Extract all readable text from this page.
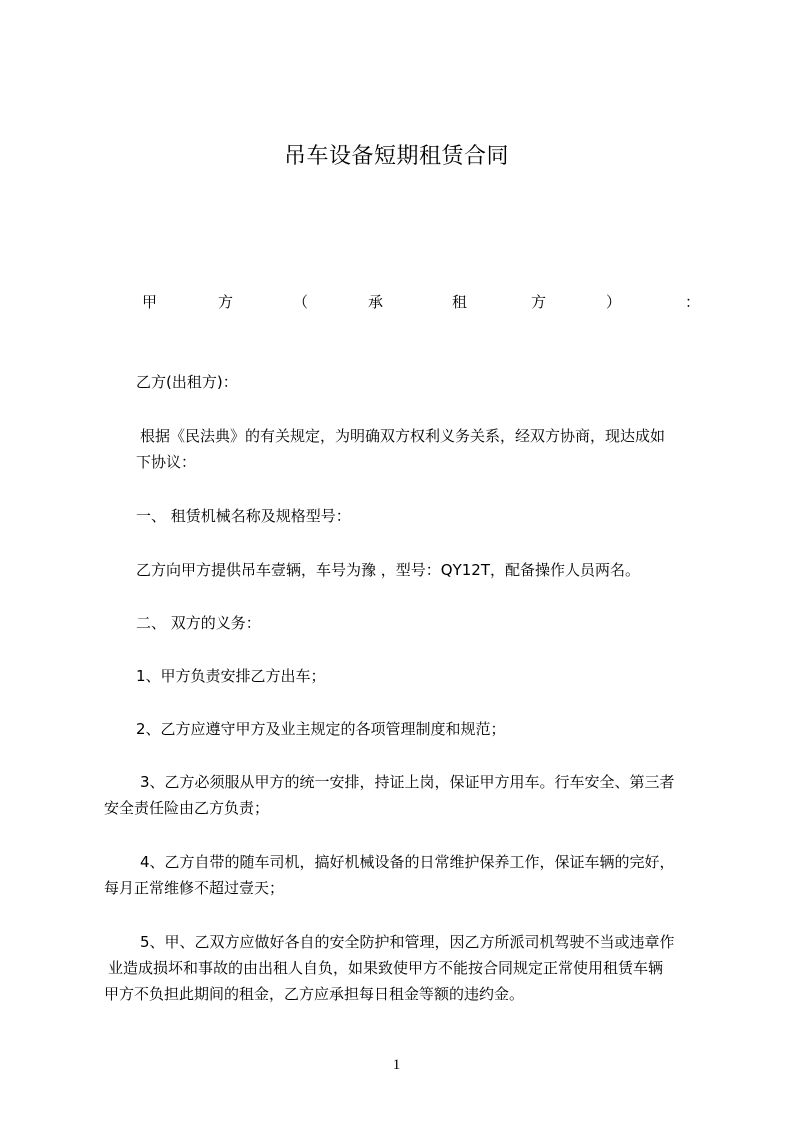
吊车设备短期租赁合同
甲	方	（	承	租	方	）	：
乙方(出租方)：
根据《民法典》的有关规定，为明确双方权利义务关系，经双方协商，现达成如
下协议：
一、 租赁机械名称及规格型号：
乙方向甲方提供吊车壹辆，车号为豫 ，型号：QY12T，配备操作人员两名。
二、 双方的义务：
1、甲方负责安排乙方出车；
2、乙方应遵守甲方及业主规定的各项管理制度和规范；
3、乙方必须服从甲方的统一安排，持证上岗，保证甲方用车。行车安全、第三者
安全责任险由乙方负责；
4、乙方自带的随车司机，搞好机械设备的日常维护保养工作，保证车辆的完好，
每月正常维修不超过壹天；
5、甲、乙双方应做好各自的安全防护和管理，因乙方所派司机驾驶不当或违章作
业造成损坏和事故的由出租人自负，如果致使甲方不能按合同规定正常使用租赁车辆
甲方不负担此期间的租金，乙方应承担每日租金等额的违约金。
1
